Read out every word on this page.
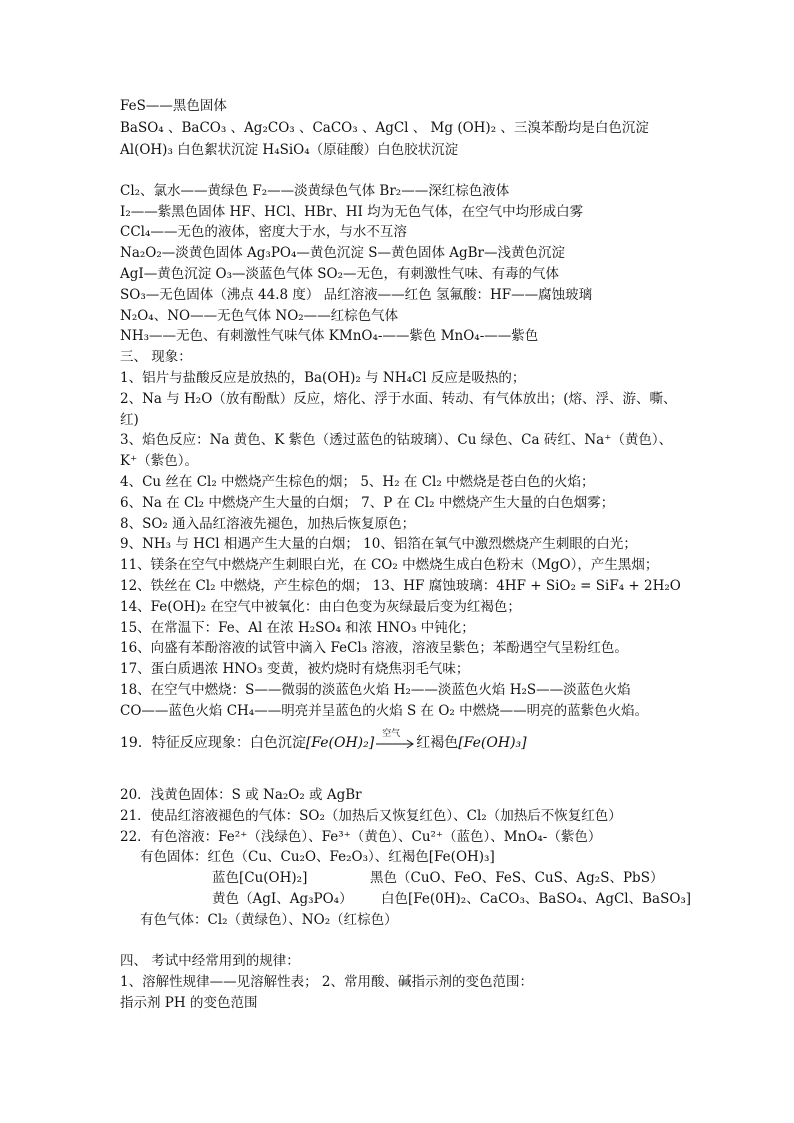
FeS——黑色固体
BaSO₄ 、BaCO₃ 、Ag₂CO₃ 、CaCO₃ 、AgCl 、 Mg (OH)₂ 、三溴苯酚均是白色沉淀
Al(OH)₃ 白色絮状沉淀 H₄SiO₄（原硅酸）白色胶状沉淀
Cl₂、氯水——黄绿色 F₂——淡黄绿色气体 Br₂——深红棕色液体
I₂——紫黑色固体 HF、HCl、HBr、HI 均为无色气体，在空气中均形成白雾
CCl₄——无色的液体，密度大于水，与水不互溶
Na₂O₂—淡黄色固体 Ag₃PO₄—黄色沉淀 S—黄色固体 AgBr—浅黄色沉淀
AgI—黄色沉淀 O₃—淡蓝色气体 SO₂—无色，有刺激性气味、有毒的气体
SO₃—无色固体（沸点 44.8 度） 品红溶液——红色 氢氟酸：HF——腐蚀玻璃
N₂O₄、NO——无色气体 NO₂——红棕色气体
NH₃——无色、有刺激性气味气体 KMnO₄-——紫色 MnO₄-——紫色
三、 现象：
1、铝片与盐酸反应是放热的，Ba(OH)₂ 与 NH₄Cl 反应是吸热的；
2、Na 与 H₂O（放有酚酞）反应，熔化、浮于水面、转动、有气体放出；(熔、浮、游、嘶、
红)
3、焰色反应：Na 黄色、K 紫色（透过蓝色的钴玻璃）、Cu 绿色、Ca 砖红、Na⁺（黄色）、
K⁺（紫色）。
4、Cu 丝在 Cl₂ 中燃烧产生棕色的烟； 5、H₂ 在 Cl₂ 中燃烧是苍白色的火焰；
6、Na 在 Cl₂ 中燃烧产生大量的白烟； 7、P 在 Cl₂ 中燃烧产生大量的白色烟雾；
8、SO₂ 通入品红溶液先褪色，加热后恢复原色；
9、NH₃ 与 HCl 相遇产生大量的白烟； 10、铝箔在氧气中激烈燃烧产生刺眼的白光；
11、镁条在空气中燃烧产生刺眼白光，在 CO₂ 中燃烧生成白色粉末（MgO），产生黑烟；
12、铁丝在 Cl₂ 中燃烧，产生棕色的烟； 13、HF 腐蚀玻璃：4HF + SiO₂ = SiF₄ + 2H₂O
14、Fe(OH)₂ 在空气中被氧化：由白色变为灰绿最后变为红褐色；
15、在常温下：Fe、Al 在浓 H₂SO₄ 和浓 HNO₃ 中钝化；
16、向盛有苯酚溶液的试管中滴入 FeCl₃ 溶液，溶液呈紫色；苯酚遇空气呈粉红色。
17、蛋白质遇浓 HNO₃ 变黄，被灼烧时有烧焦羽毛气味；
18、在空气中燃烧：S——微弱的淡蓝色火焰 H₂——淡蓝色火焰 H₂S——淡蓝色火焰
CO——蓝色火焰 CH₄——明亮并呈蓝色的火焰 S 在 O₂ 中燃烧——明亮的蓝紫色火焰。
19．特征反应现象：白色沉淀[Fe(OH)₂]
空气
红褐色[Fe(OH)₃]
20．浅黄色固体：S 或 Na₂O₂ 或 AgBr
21．使品红溶液褪色的气体：SO₂（加热后又恢复红色）、Cl₂（加热后不恢复红色）
22．有色溶液：Fe²⁺（浅绿色）、Fe³⁺（黄色）、Cu²⁺（蓝色）、MnO₄-（紫色）
有色固体：红色（Cu、Cu₂O、Fe₂O₃）、红褐色[Fe(OH)₃]
蓝色[Cu(OH)₂]	黑色（CuO、FeO、FeS、CuS、Ag₂S、PbS）
黄色（AgI、Ag₃PO₄） 白色[Fe(0H)₂、CaCO₃、BaSO₄、AgCl、BaSO₃]
有色气体：Cl₂（黄绿色）、NO₂（红棕色）
四、 考试中经常用到的规律：
1、溶解性规律——见溶解性表； 2、常用酸、碱指示剂的变色范围：
指示剂 PH 的变色范围
